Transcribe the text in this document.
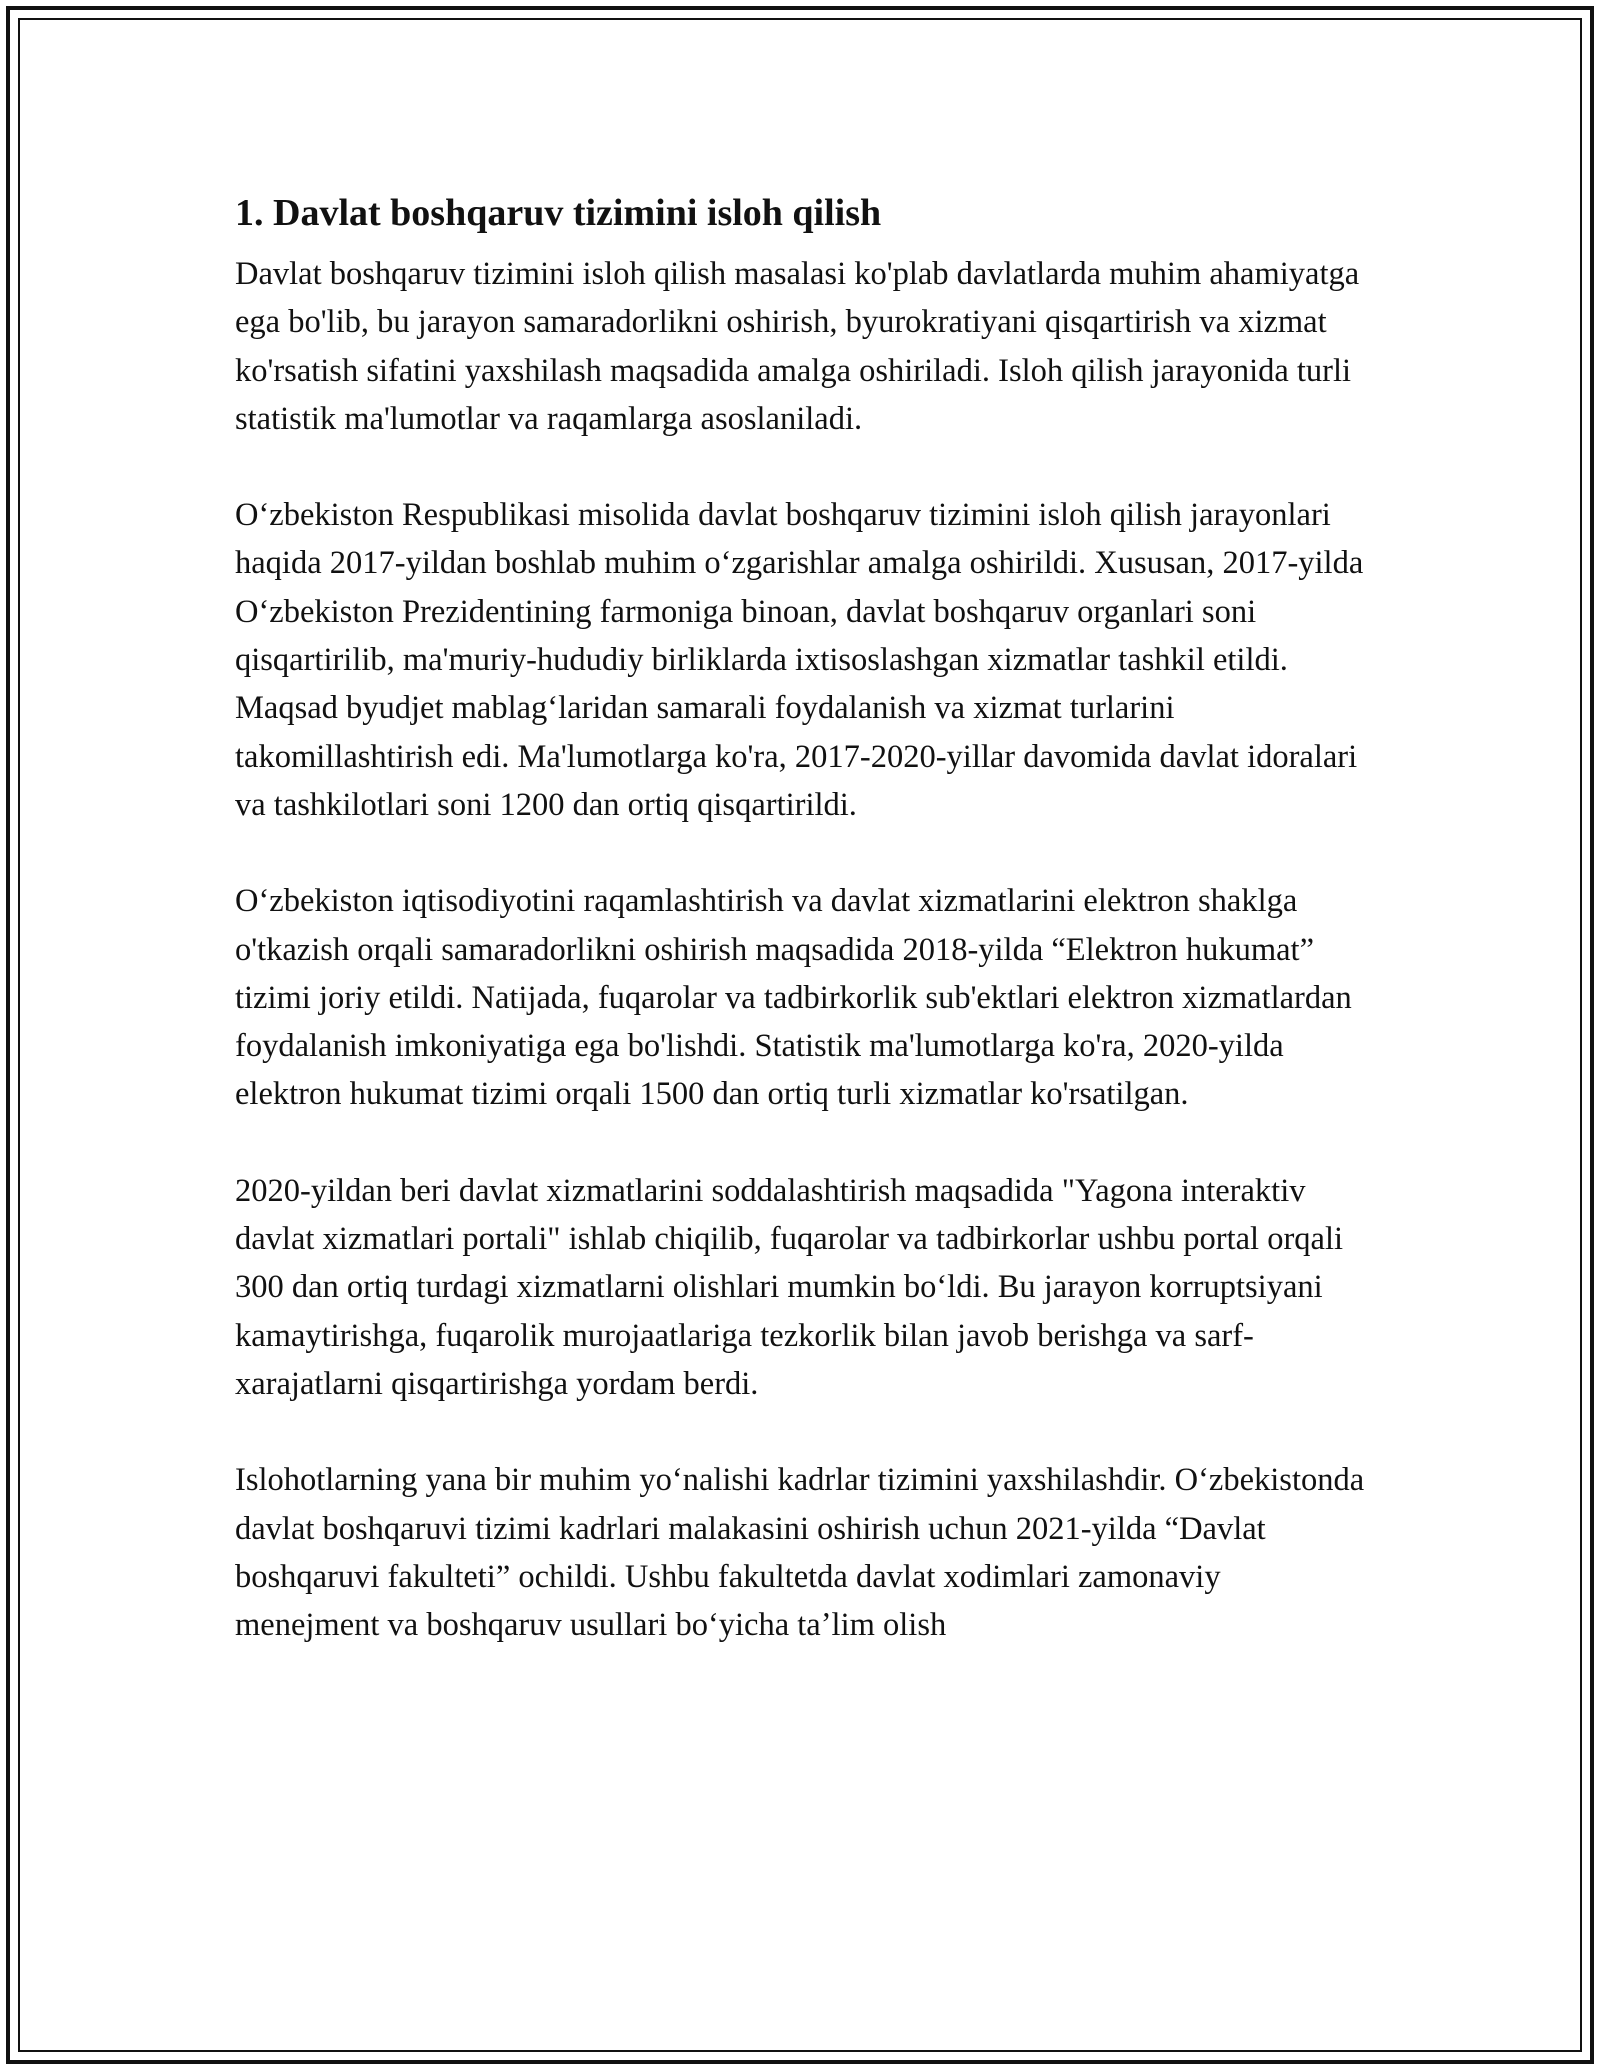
1. Davlat boshqaruv tizimini isloh qilish

Davlat boshqaruv tizimini isloh qilish masalasi ko'plab davlatlarda muhim ahamiyatga ega bo'lib, bu jarayon samaradorlikni oshirish, byurokratiyani qisqartirish va xizmat ko'rsatish sifatini yaxshilash maqsadida amalga oshiriladi. Isloh qilish jarayonida turli statistik ma'lumotlar va raqamlarga asoslaniladi.

Oʻzbekiston Respublikasi misolida davlat boshqaruv tizimini isloh qilish jarayonlari haqida 2017-yildan boshlab muhim oʻzgarishlar amalga oshirildi. Xususan, 2017-yilda Oʻzbekiston Prezidentining farmoniga binoan, davlat boshqaruv organlari soni qisqartirilib, ma'muriy-hududiy birliklarda ixtisoslashgan xizmatlar tashkil etildi. Maqsad byudjet mablagʻlaridan samarali foydalanish va xizmat turlarini takomillashtirish edi. Ma'lumotlarga ko'ra, 2017-2020-yillar davomida davlat idoralari va tashkilotlari soni 1200 dan ortiq qisqartirildi.

Oʻzbekiston iqtisodiyotini raqamlashtirish va davlat xizmatlarini elektron shaklga o'tkazish orqali samaradorlikni oshirish maqsadida 2018-yilda “Elektron hukumat” tizimi joriy etildi. Natijada, fuqarolar va tadbirkorlik sub'ektlari elektron xizmatlardan foydalanish imkoniyatiga ega bo'lishdi. Statistik ma'lumotlarga ko'ra, 2020-yilda elektron hukumat tizimi orqali 1500 dan ortiq turli xizmatlar ko'rsatilgan.

2020-yildan beri davlat xizmatlarini soddalashtirish maqsadida "Yagona interaktiv davlat xizmatlari portali" ishlab chiqilib, fuqarolar va tadbirkorlar ushbu portal orqali 300 dan ortiq turdagi xizmatlarni olishlari mumkin boʻldi. Bu jarayon korruptsiyani kamaytirishga, fuqarolik murojaatlariga tezkorlik bilan javob berishga va sarf-xarajatlarni qisqartirishga yordam berdi.

Islohotlarning yana bir muhim yoʻnalishi kadrlar tizimini yaxshilashdir. Oʻzbekistonda davlat boshqaruvi tizimi kadrlari malakasini oshirish uchun 2021-yilda “Davlat boshqaruvi fakulteti” ochildi. Ushbu fakultetda davlat xodimlari zamonaviy menejment va boshqaruv usullari boʻyicha taʼlim olish
